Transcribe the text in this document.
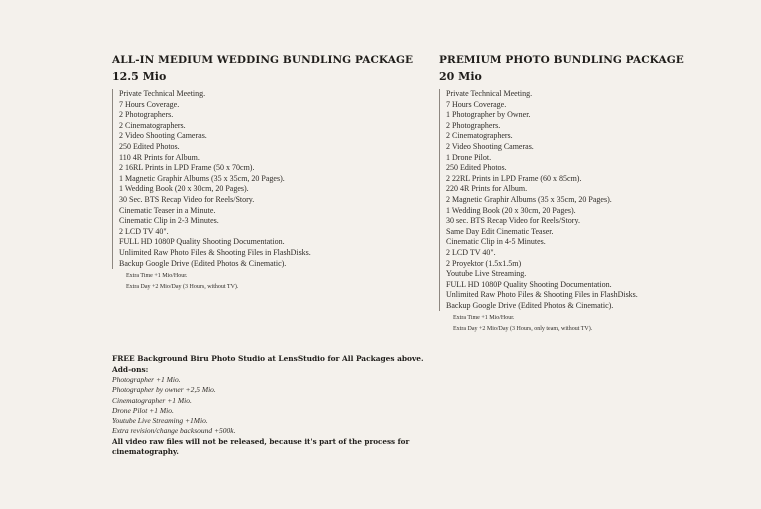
ALL-IN MEDIUM WEDDING BUNDLING PACKAGE
12.5 Mio
Private Technical Meeting.
7 Hours Coverage.
2 Photographers.
2 Cinematographers.
2 Video Shooting Cameras.
250 Edited Photos.
110 4R Prints for Album.
2 16RL Prints in LPD Frame (50 x 70cm).
1 Magnetic Graphir Albums (35 x 35cm, 20 Pages).
1 Wedding Book (20 x 30cm, 20 Pages).
30 Sec. BTS Recap Video for Reels/Story.
Cinematic Teaser in a Minute.
Cinematic Clip in 2-3 Minutes.
2 LCD TV 40".
FULL HD 1080P Quality Shooting Documentation.
Unlimited Raw Photo Files & Shooting Files in FlashDisks.
Backup Google Drive (Edited Photos & Cinematic).
Extra Time +1 Mio/Hour.
Extra Day +2 Mio/Day (3 Hours, without TV).
PREMIUM PHOTO BUNDLING PACKAGE
20 Mio
Private Technical Meeting.
7 Hours Coverage.
1 Photographer by Owner.
2 Photographers.
2 Cinematographers.
2 Video Shooting Cameras.
1 Drone Pilot.
250 Edited Photos.
2 22RL Prints in LPD Frame (60 x 85cm).
220 4R Prints for Album.
2 Magnetic Graphir Albums (35 x 35cm, 20 Pages).
1 Wedding Book (20 x 30cm, 20 Pages).
30 sec. BTS Recap Video for Reels/Story.
Same Day Edit Cinematic Teaser.
Cinematic Clip in 4-5 Minutes.
2 LCD TV 40".
2 Proyektor (1.5x1.5m)
Youtube Live Streaming.
FULL HD 1080P Quality Shooting Documentation.
Unlimited Raw Photo Files & Shooting Files in FlashDisks.
Backup Google Drive (Edited Photos & Cinematic).
Extra Time +1 Mio/Hour.
Extra Day +2 Mio/Day (3 Hours, only team, without TV).

FREE Background Biru Photo Studio at LensStudio for All Packages above.

Add-ons:

Photographer +1 Mio.
Photographer by owner +2,5 Mio.
Cinematographer +1 Mio.
Drone Pilot +1 Mio.
Youtube Live Streaming +1Mio.
Extra revision/change backsound +500k.

All video raw files will not be released, because it's part of the process for cinematography.
